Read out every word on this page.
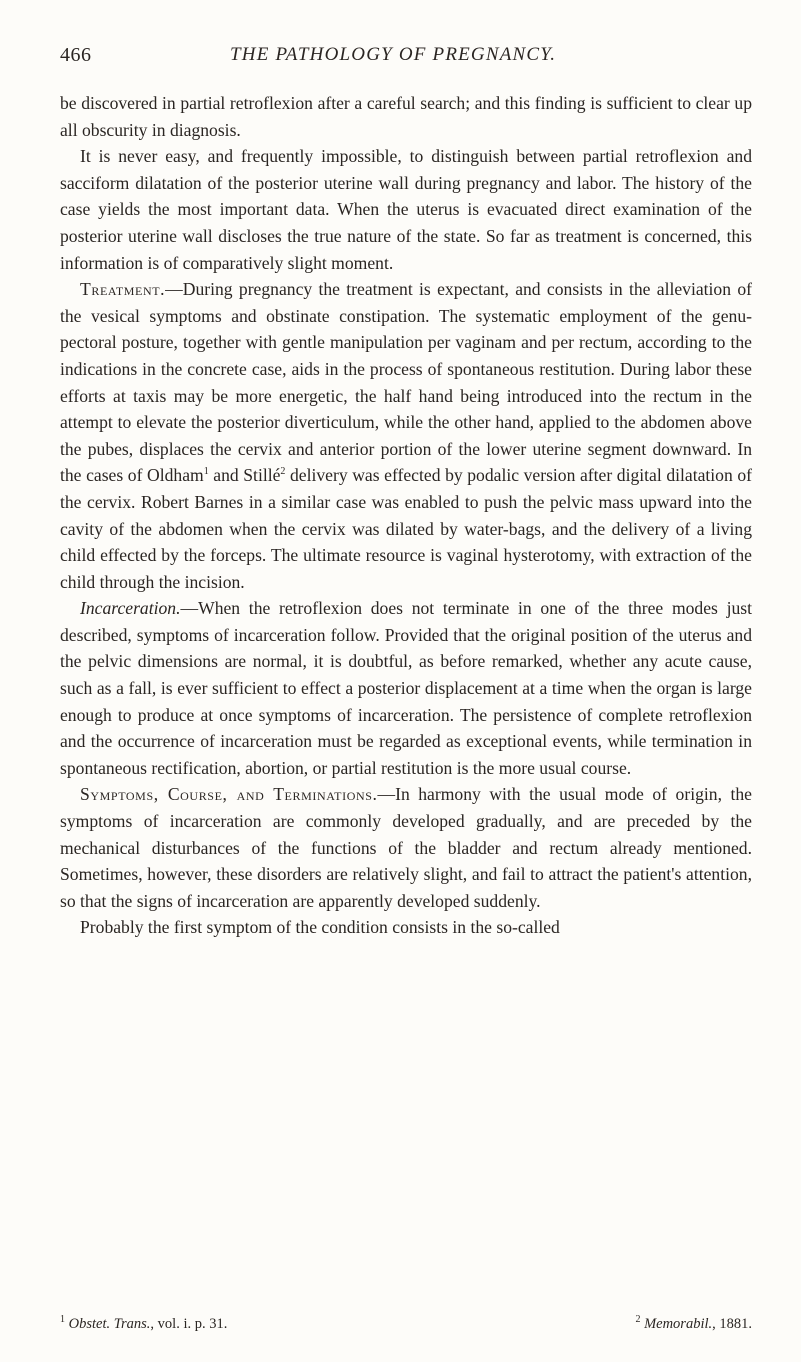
466	THE PATHOLOGY OF PREGNANCY.

be discovered in partial retroflexion after a careful search; and this finding is sufficient to clear up all obscurity in diagnosis.

It is never easy, and frequently impossible, to distinguish between partial retroflexion and sacciform dilatation of the posterior uterine wall during pregnancy and labor. The history of the case yields the most important data. When the uterus is evacuated direct examination of the posterior uterine wall discloses the true nature of the state. So far as treatment is concerned, this information is of comparatively slight moment.

Treatment.—During pregnancy the treatment is expectant, and consists in the alleviation of the vesical symptoms and obstinate constipation. The systematic employment of the genu-pectoral posture, together with gentle manipulation per vaginam and per rectum, according to the indications in the concrete case, aids in the process of spontaneous restitution. During labor these efforts at taxis may be more energetic, the half hand being introduced into the rectum in the attempt to elevate the posterior diverticulum, while the other hand, applied to the abdomen above the pubes, displaces the cervix and anterior portion of the lower uterine segment downward. In the cases of Oldham$^1$ and Stillé$^2$ delivery was effected by podalic version after digital dilatation of the cervix. Robert Barnes in a similar case was enabled to push the pelvic mass upward into the cavity of the abdomen when the cervix was dilated by water-bags, and the delivery of a living child effected by the forceps. The ultimate resource is vaginal hysterotomy, with extraction of the child through the incision.

Incarceration.—When the retroflexion does not terminate in one of the three modes just described, symptoms of incarceration follow. Provided that the original position of the uterus and the pelvic dimensions are normal, it is doubtful, as before remarked, whether any acute cause, such as a fall, is ever sufficient to effect a posterior displacement at a time when the organ is large enough to produce at once symptoms of incarceration. The persistence of complete retroflexion and the occurrence of incarceration must be regarded as exceptional events, while termination in spontaneous rectification, abortion, or partial restitution is the more usual course.

Symptoms, Course, and Terminations.—In harmony with the usual mode of origin, the symptoms of incarceration are commonly developed gradually, and are preceded by the mechanical disturbances of the functions of the bladder and rectum already mentioned. Sometimes, however, these disorders are relatively slight, and fail to attract the patient's attention, so that the signs of incarceration are apparently developed suddenly.

Probably the first symptom of the condition consists in the so-called

$^1$ Obstet. Trans., vol. i. p. 31.	$^2$ Memorabil., 1881.
